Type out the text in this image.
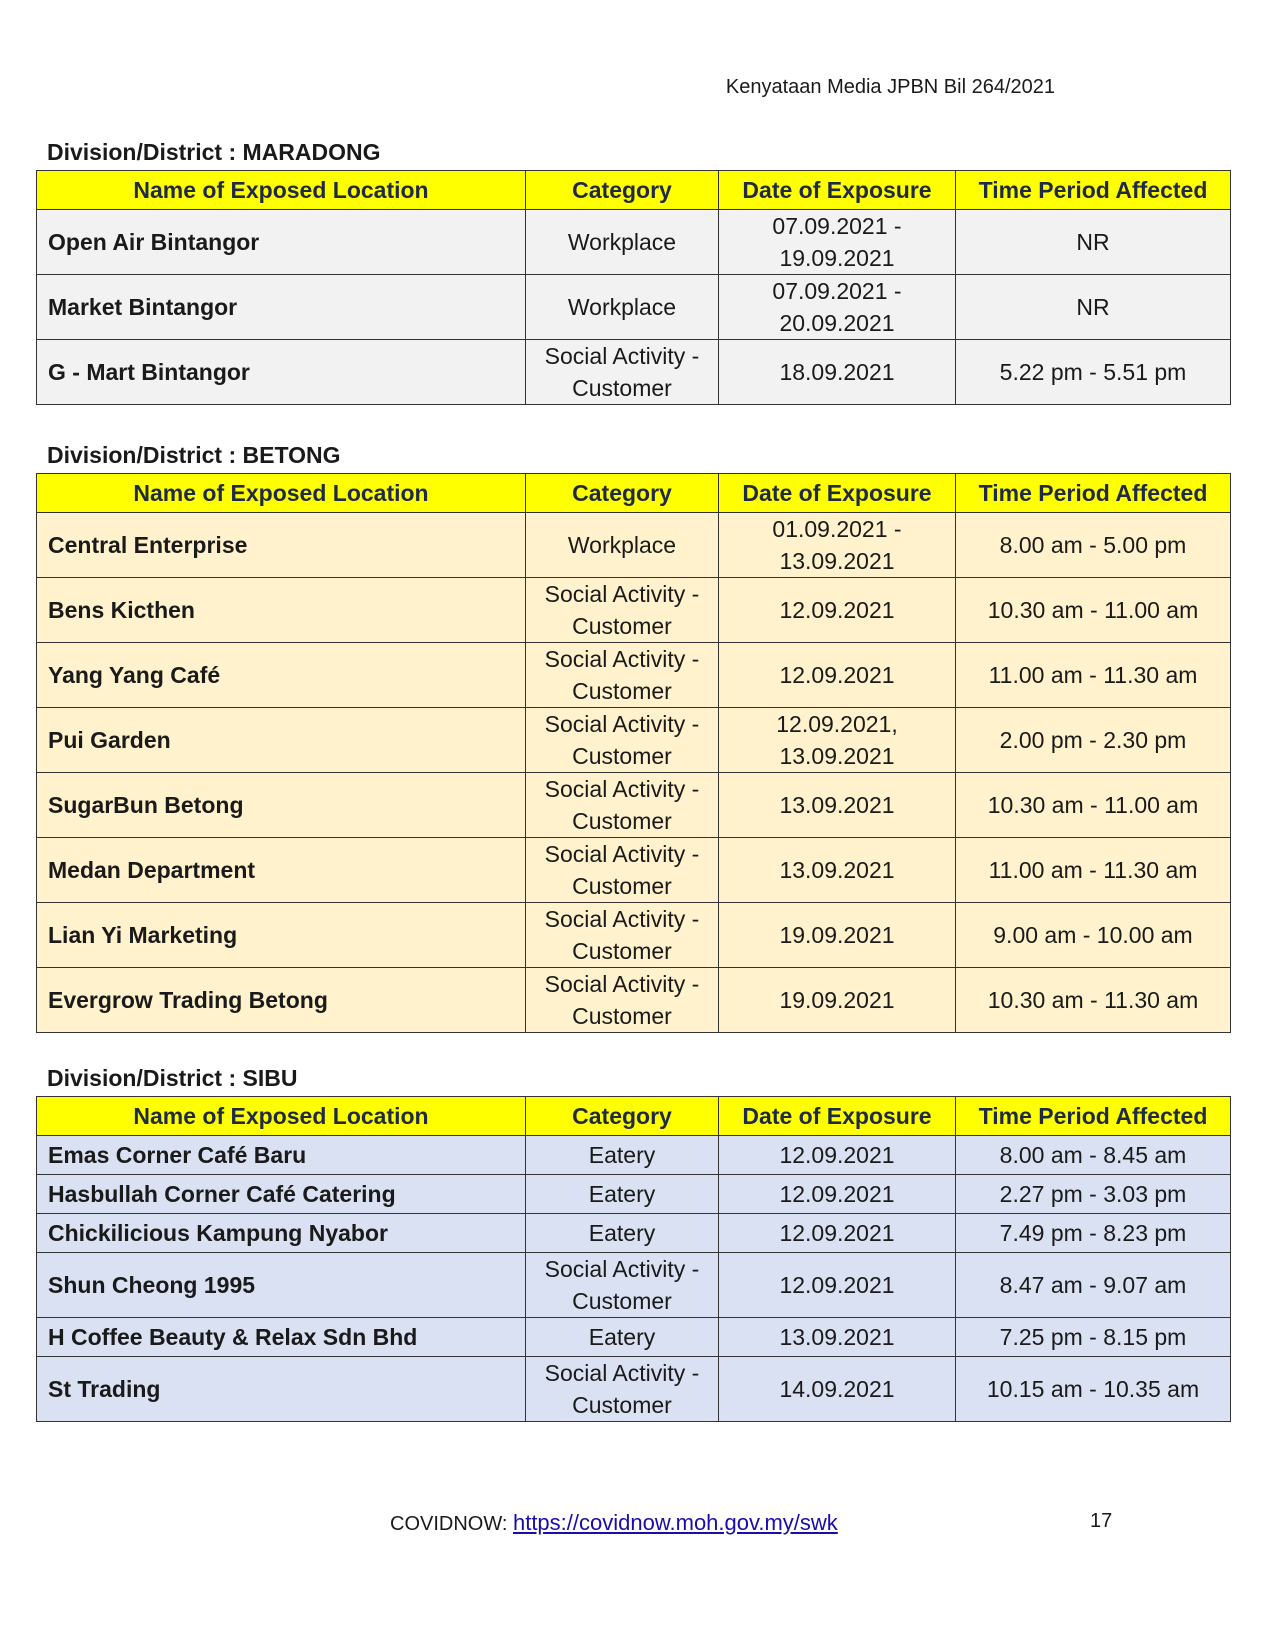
Kenyataan Media JPBN Bil 264/2021
Division/District : MARADONG
Name of Exposed Location	Category	Date of Exposure	Time Period Affected
Open Air Bintangor	Workplace	07.09.2021 - 19.09.2021	NR
Market Bintangor	Workplace	07.09.2021 - 20.09.2021	NR
G - Mart Bintangor	Social Activity - Customer	18.09.2021	5.22 pm - 5.51 pm
Division/District : BETONG
Name of Exposed Location	Category	Date of Exposure	Time Period Affected
Central Enterprise	Workplace	01.09.2021 - 13.09.2021	8.00 am - 5.00 pm
Bens Kicthen	Social Activity - Customer	12.09.2021	10.30 am - 11.00 am
Yang Yang Café	Social Activity - Customer	12.09.2021	11.00 am - 11.30 am
Pui Garden	Social Activity - Customer	12.09.2021, 13.09.2021	2.00 pm - 2.30 pm
SugarBun Betong	Social Activity - Customer	13.09.2021	10.30 am - 11.00 am
Medan Department	Social Activity - Customer	13.09.2021	11.00 am - 11.30 am
Lian Yi Marketing	Social Activity - Customer	19.09.2021	9.00 am - 10.00 am
Evergrow Trading Betong	Social Activity - Customer	19.09.2021	10.30 am - 11.30 am
Division/District : SIBU
Name of Exposed Location	Category	Date of Exposure	Time Period Affected
Emas Corner Café Baru	Eatery	12.09.2021	8.00 am - 8.45 am
Hasbullah Corner Café Catering	Eatery	12.09.2021	2.27 pm - 3.03 pm
Chickilicious Kampung Nyabor	Eatery	12.09.2021	7.49 pm - 8.23 pm
Shun Cheong 1995	Social Activity - Customer	12.09.2021	8.47 am - 9.07 am
H Coffee Beauty & Relax Sdn Bhd	Eatery	13.09.2021	7.25 pm - 8.15 pm
St Trading	Social Activity - Customer	14.09.2021	10.15 am - 10.35 am
COVIDNOW: https://covidnow.moh.gov.my/swk	17
